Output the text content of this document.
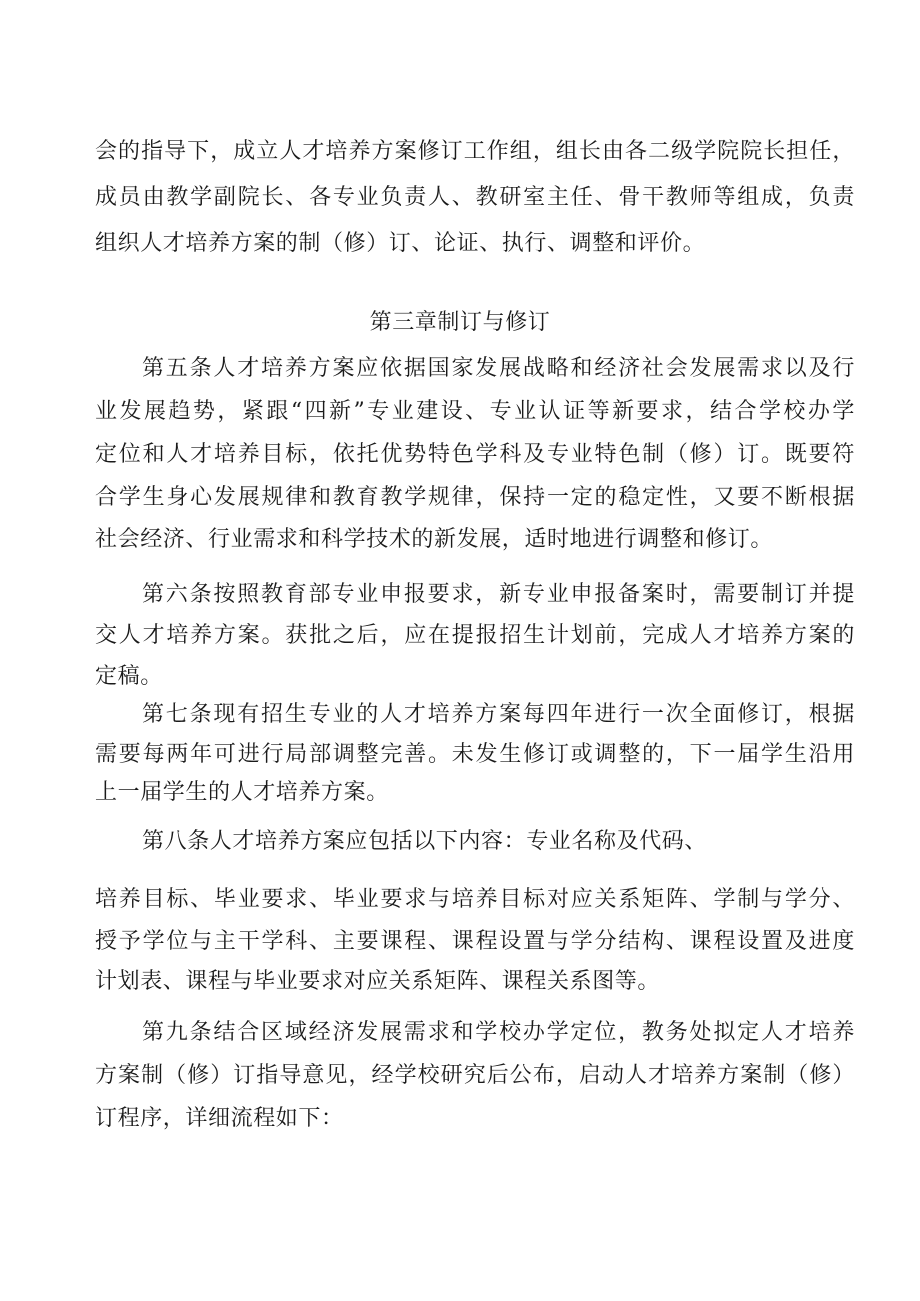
会的指导下，成立人才培养方案修订工作组，组长由各二级学院院长担任，
成员由教学副院长、各专业负责人、教研室主任、骨干教师等组成，负责
组织人才培养方案的制（修）订、论证、执行、调整和评价。
第三章制订与修订
第五条人才培养方案应依据国家发展战略和经济社会发展需求以及行
业发展趋势，紧跟“四新”专业建设、专业认证等新要求，结合学校办学
定位和人才培养目标，依托优势特色学科及专业特色制（修）订。既要符
合学生身心发展规律和教育教学规律，保持一定的稳定性，又要不断根据
社会经济、行业需求和科学技术的新发展，适时地进行调整和修订。
第六条按照教育部专业申报要求，新专业申报备案时，需要制订并提
交人才培养方案。获批之后，应在提报招生计划前，完成人才培养方案的
定稿。
第七条现有招生专业的人才培养方案每四年进行一次全面修订，根据
需要每两年可进行局部调整完善。未发生修订或调整的，下一届学生沿用
上一届学生的人才培养方案。
第八条人才培养方案应包括以下内容：专业名称及代码、
培养目标、毕业要求、毕业要求与培养目标对应关系矩阵、学制与学分、
授予学位与主干学科、主要课程、课程设置与学分结构、课程设置及进度
计划表、课程与毕业要求对应关系矩阵、课程关系图等。
第九条结合区域经济发展需求和学校办学定位，教务处拟定人才培养
方案制（修）订指导意见，经学校研究后公布，启动人才培养方案制（修）
订程序，详细流程如下：
